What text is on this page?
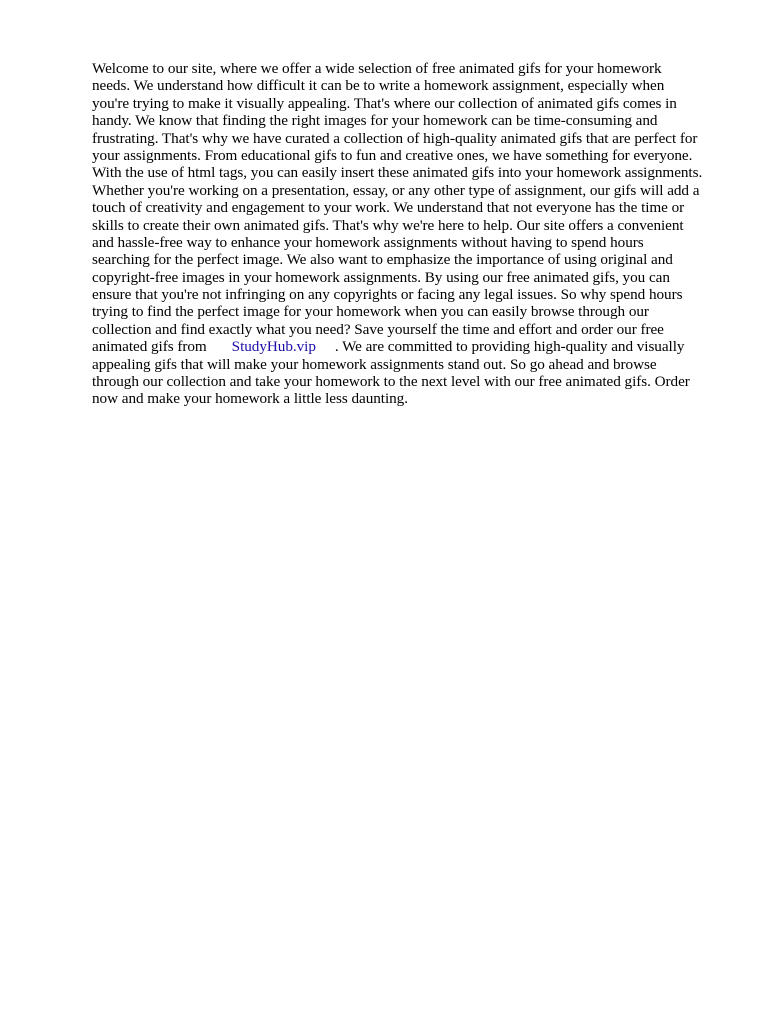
Welcome to our site, where we offer a wide selection of free animated gifs for your homework
needs. We understand how difficult it can be to write a homework assignment, especially when
you're trying to make it visually appealing. That's where our collection of animated gifs comes in
handy. We know that finding the right images for your homework can be time-consuming and
frustrating. That's why we have curated a collection of high-quality animated gifs that are perfect for
your assignments. From educational gifs to fun and creative ones, we have something for everyone.
With the use of html tags, you can easily insert these animated gifs into your homework assignments.
Whether you're working on a presentation, essay, or any other type of assignment, our gifs will add a
touch of creativity and engagement to your work. We understand that not everyone has the time or
skills to create their own animated gifs. That's why we're here to help. Our site offers a convenient
and hassle-free way to enhance your homework assignments without having to spend hours
searching for the perfect image. We also want to emphasize the importance of using original and
copyright-free images in your homework assignments. By using our free animated gifs, you can
ensure that you're not infringing on any copyrights or facing any legal issues. So why spend hours
trying to find the perfect image for your homework when you can easily browse through our
collection and find exactly what you need? Save yourself the time and effort and order our free
animated gifs from StudyHub.vip . We are committed to providing high-quality and visually
appealing gifs that will make your homework assignments stand out. So go ahead and browse
through our collection and take your homework to the next level with our free animated gifs. Order
now and make your homework a little less daunting.
